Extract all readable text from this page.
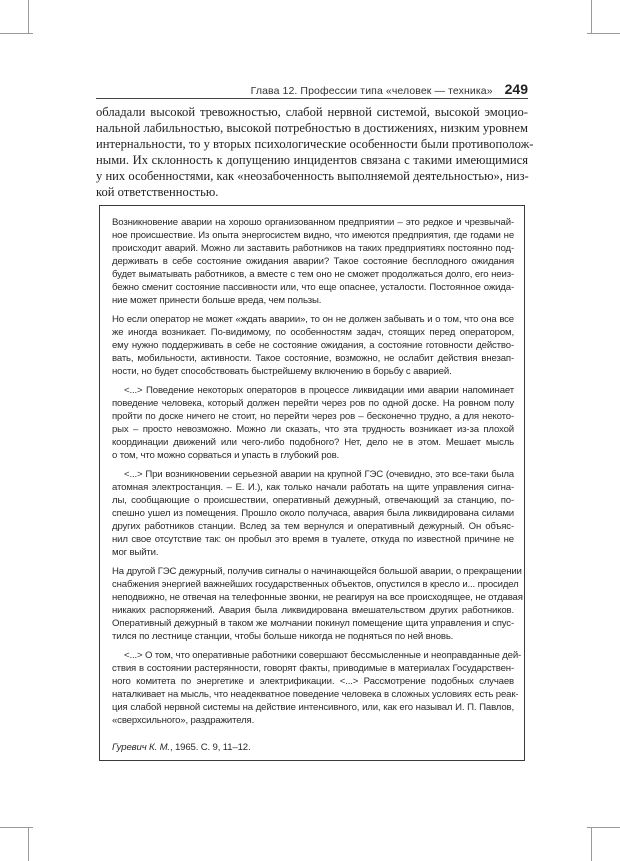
Глава 12. Профессии типа «человек — техника» 249
обладали высокой тревожностью, слабой нервной системой, высокой эмоцио-
нальной лабильностью, высокой потребностью в достижениях, низким уровнем
интернальности, то у вторых психологические особенности были противополож-
ными. Их склонность к допущению инцидентов связана с такими имеющимися
у них особенностями, как «неозабоченность выполняемой деятельностью», низ-
кой ответственностью.
Возникновение аварии на хорошо организованном предприятии – это редкое и чрезвычай-
ное происшествие. Из опыта энергосистем видно, что имеются предприятия, где годами не
происходит аварий. Можно ли заставить работников на таких предприятиях постоянно под-
держивать в себе состояние ожидания аварии? Такое состояние бесплодного ожидания
будет выматывать работников, а вместе с тем оно не сможет продолжаться долго, его неиз-
бежно сменит состояние пассивности или, что еще опаснее, усталости. Постоянное ожида-
ние может принести больше вреда, чем пользы.
Но если оператор не может «ждать аварии», то он не должен забывать и о том, что она все
же иногда возникает. По-видимому, по особенностям задач, стоящих перед оператором,
ему нужно поддерживать в себе не состояние ожидания, а состояние готовности действо-
вать, мобильности, активности. Такое состояние, возможно, не ослабит действия внезап-
ности, но будет способствовать быстрейшему включению в борьбу с аварией.
<...> Поведение некоторых операторов в процессе ликвидации ими аварии напоминает
поведение человека, который должен перейти через ров по одной доске. На ровном полу
пройти по доске ничего не стоит, но перейти через ров – бесконечно трудно, а для некото-
рых – просто невозможно. Можно ли сказать, что эта трудность возникает из-за плохой
координации движений или чего-либо подобного? Нет, дело не в этом. Мешает мысль
о том, что можно сорваться и упасть в глубокий ров.
<...> При возникновении серьезной аварии на крупной ГЭС (очевидно, это все-таки была
атомная электростанция. – Е. И.), как только начали работать на щите управления сигна-
лы, сообщающие о происшествии, оперативный дежурный, отвечающий за станцию, по-
спешно ушел из помещения. Прошло около получаса, авария была ликвидирована силами
других работников станции. Вслед за тем вернулся и оперативный дежурный. Он объяс-
нил свое отсутствие так: он пробыл это время в туалете, откуда по известной причине не
мог выйти.
На другой ГЭС дежурный, получив сигналы о начинающейся большой аварии, о прекращении
снабжения энергией важнейших государственных объектов, опустился в кресло и... просидел
неподвижно, не отвечая на телефонные звонки, не реагируя на все происходящее, не отдавая
никаких распоряжений. Авария была ликвидирована вмешательством других работников.
Оперативный дежурный в таком же молчании покинул помещение щита управления и спус-
тился по лестнице станции, чтобы больше никогда не подняться по ней вновь.
<...> О том, что оперативные работники совершают бессмысленные и неоправданные дей-
ствия в состоянии растерянности, говорят факты, приводимые в материалах Государствен-
ного комитета по энергетике и электрификации. <...> Рассмотрение подобных случаев
наталкивает на мысль, что неадекватное поведение человека в сложных условиях есть реак-
ция слабой нервной системы на действие интенсивного, или, как его называл И. П. Павлов,
«сверхсильного», раздражителя.
Гуревич К. М., 1965. С. 9, 11–12.
